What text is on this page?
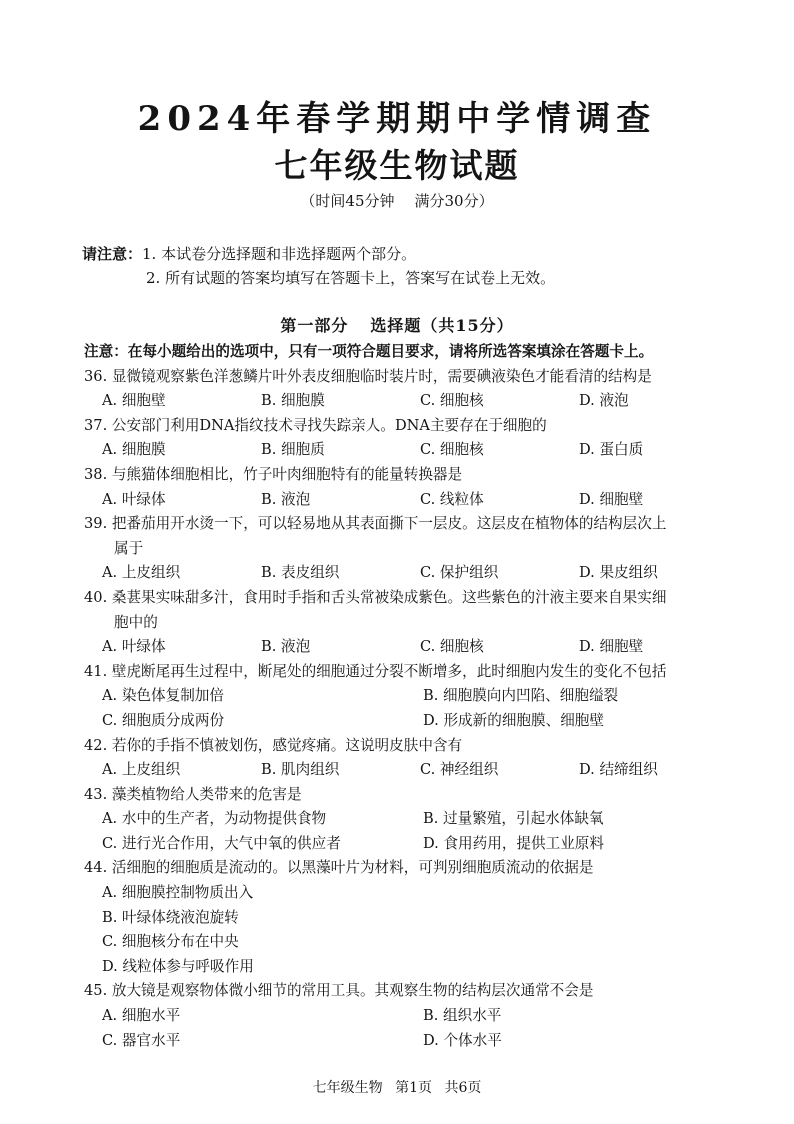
2024年春学期期中学情调查
七年级生物试题
（时间45分钟 满分30分）
请注意：1. 本试卷分选择题和非选择题两个部分。
2. 所有试题的答案均填写在答题卡上，答案写在试卷上无效。
第一部分 选择题（共15分）
注意：在每小题给出的选项中，只有一项符合题目要求，请将所选答案填涂在答题卡上。
36. 显微镜观察紫色洋葱鳞片叶外表皮细胞临时装片时，需要碘液染色才能看清的结构是
A. 细胞壁	B. 细胞膜	C. 细胞核	D. 液泡
37. 公安部门利用DNA指纹技术寻找失踪亲人。DNA主要存在于细胞的
A. 细胞膜	B. 细胞质	C. 细胞核	D. 蛋白质
38. 与熊猫体细胞相比，竹子叶肉细胞特有的能量转换器是
A. 叶绿体	B. 液泡	C. 线粒体	D. 细胞壁
39. 把番茄用开水烫一下，可以轻易地从其表面撕下一层皮。这层皮在植物体的结构层次上
属于
A. 上皮组织	B. 表皮组织	C. 保护组织	D. 果皮组织
40. 桑葚果实味甜多汁，食用时手指和舌头常被染成紫色。这些紫色的汁液主要来自果实细
胞中的
A. 叶绿体	B. 液泡	C. 细胞核	D. 细胞壁
41. 壁虎断尾再生过程中，断尾处的细胞通过分裂不断增多，此时细胞内发生的变化不包括
A. 染色体复制加倍	B. 细胞膜向内凹陷、细胞缢裂
C. 细胞质分成两份	D. 形成新的细胞膜、细胞壁
42. 若你的手指不慎被划伤，感觉疼痛。这说明皮肤中含有
A. 上皮组织	B. 肌肉组织	C. 神经组织	D. 结缔组织
43. 藻类植物给人类带来的危害是
A. 水中的生产者，为动物提供食物	B. 过量繁殖，引起水体缺氧
C. 进行光合作用，大气中氧的供应者	D. 食用药用，提供工业原料
44. 活细胞的细胞质是流动的。以黑藻叶片为材料，可判别细胞质流动的依据是
A. 细胞膜控制物质出入
B. 叶绿体绕液泡旋转
C. 细胞核分布在中央
D. 线粒体参与呼吸作用
45. 放大镜是观察物体微小细节的常用工具。其观察生物的结构层次通常不会是
A. 细胞水平	B. 组织水平
C. 器官水平	D. 个体水平
七年级生物 第1页 共6页
